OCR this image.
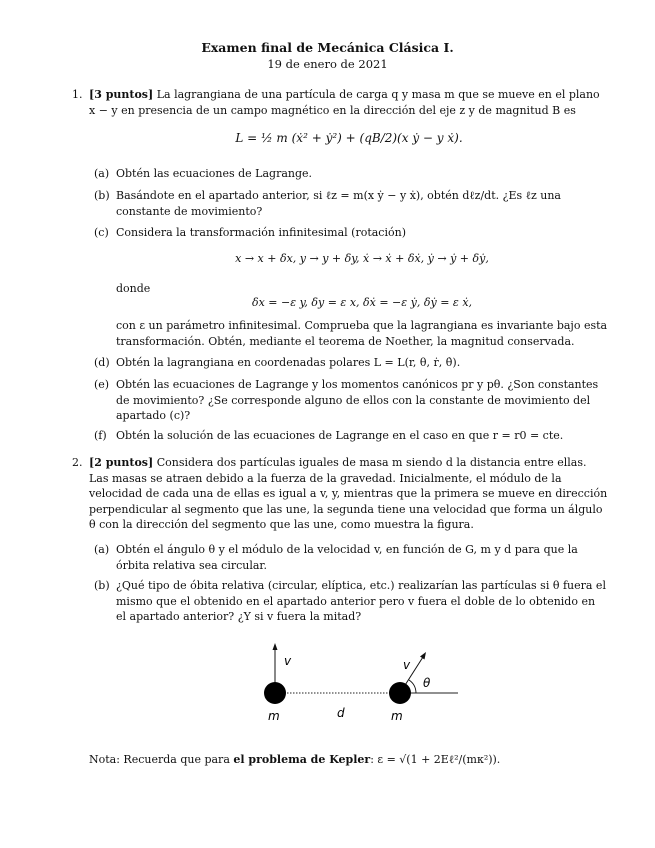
Examen final de Mecánica Clásica I.
19 de enero de 2021
1. [3 puntos] La lagrangiana de una partícula de carga q y masa m que se mueve en el plano x − y en presencia de un campo magnético en la dirección del eje z y de magnitud B es
L = ½ m (ẋ² + ẏ²) + (qB/2)(x ẏ − y ẋ).
(a) Obtén las ecuaciones de Lagrange.
(b) Basándote en el apartado anterior, si ℓz = m(x ẏ − y ẋ), obtén dℓz/dt. ¿Es ℓz una constante de movimiento?
(c) Considera la transformación infinitesimal (rotación)
x → x + δx, y → y + δy, ẋ → ẋ + δẋ, ẏ → ẏ + δẏ,
donde
δx = −ε y, δy = ε x, δẋ = −ε ẏ, δẏ = ε ẋ,
con ε un parámetro infinitesimal. Comprueba que la lagrangiana es invariante bajo esta transformación. Obtén, mediante el teorema de Noether, la magnitud conservada.
(d) Obtén la lagrangiana en coordenadas polares L = L(r, θ, ṙ, θ̇).
(e) Obtén las ecuaciones de Lagrange y los momentos canónicos pr y pθ. ¿Son constantes de movimiento? ¿Se corresponde alguno de ellos con la constante de movimiento del apartado (c)?
(f) Obtén la solución de las ecuaciones de Lagrange en el caso en que r = r0 = cte.
2. [2 puntos] Considera dos partículas iguales de masa m siendo d la distancia entre ellas. Las masas se atraen debido a la fuerza de la gravedad. Inicialmente, el módulo de la velocidad de cada una de ellas es igual a v, y, mientras que la primera se mueve en dirección perpendicular al segmento que las une, la segunda tiene una velocidad que forma un álgulo θ con la dirección del segmento que las une, como muestra la figura.
(a) Obtén el ángulo θ y el módulo de la velocidad v, en función de G, m y d para que la órbita relativa sea circular.
(b) ¿Qué tipo de óbita relativa (circular, elíptica, etc.) realizarían las partículas si θ fuera el mismo que el obtenido en el apartado anterior pero v fuera el doble de lo obtenido en el apartado anterior? ¿Y si v fuera la mitad?
v	v
θ
m	d	m
Nota: Recuerda que para el problema de Kepler: ε = √(1 + 2Eℓ²/(mκ²)).
